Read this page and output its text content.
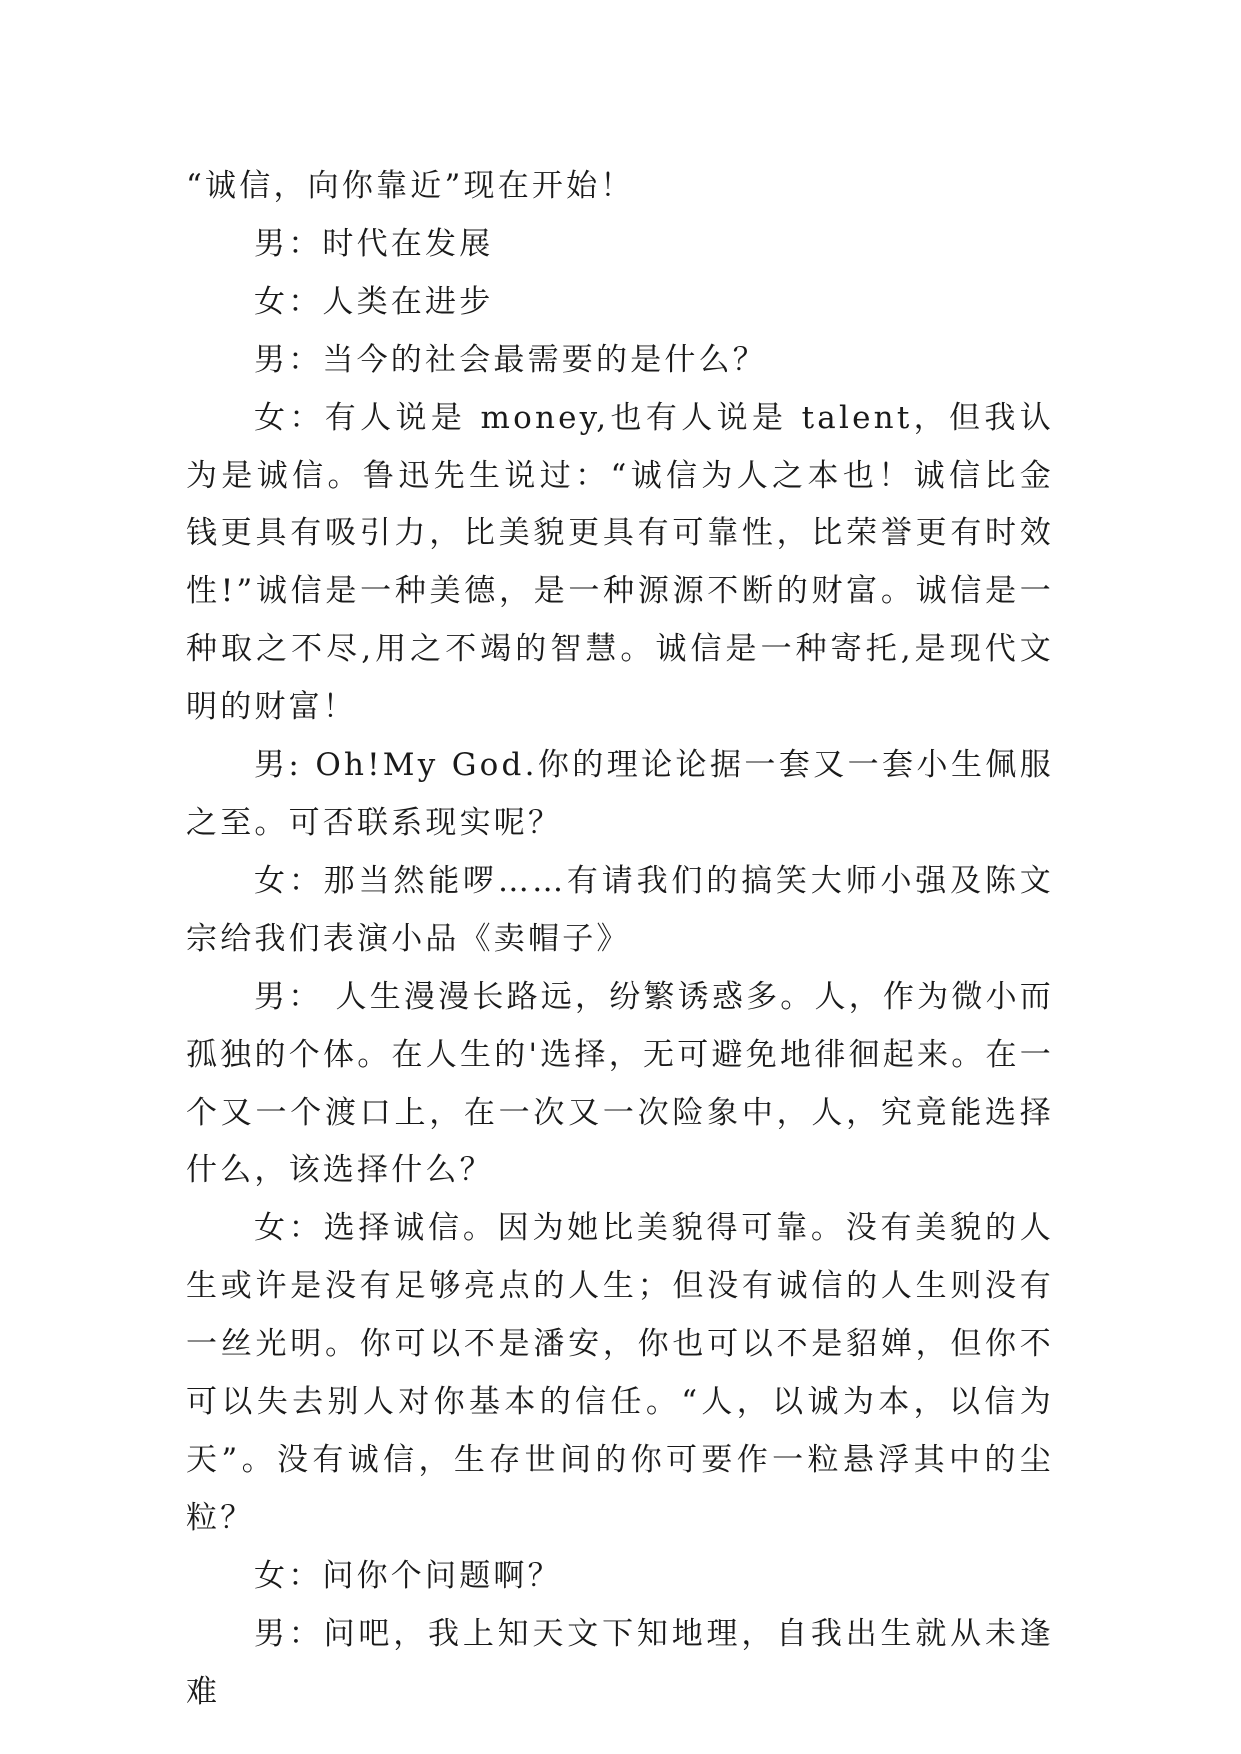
“诚信，向你靠近”现在开始！

男：时代在发展

女：人类在进步

男：当今的社会最需要的是什么？

女：有人说是 money,也有人说是 talent，但我认为是诚信。鲁迅先生说过：“诚信为人之本也！诚信比金钱更具有吸引力，比美貌更具有可靠性，比荣誉更有时效性!”诚信是一种美德，是一种源源不断的财富。诚信是一种取之不尽,用之不竭的智慧。诚信是一种寄托,是现代文明的财富！

男: Oh!My God.你的理论论据一套又一套小生佩服之至。可否联系现实呢？

女：那当然能啰……有请我们的搞笑大师小强及陈文宗给我们表演小品《卖帽子》

男： 人生漫漫长路远，纷繁诱惑多。人，作为微小而孤独的个体。在人生的'选择，无可避免地徘徊起来。在一个又一个渡口上，在一次又一次险象中，人，究竟能选择什么，该选择什么？

女：选择诚信。因为她比美貌得可靠。没有美貌的人生或许是没有足够亮点的人生；但没有诚信的人生则没有一丝光明。你可以不是潘安，你也可以不是貂婵，但你不可以失去别人对你基本的信任。“人，以诚为本，以信为天”。没有诚信，生存世间的你可要作一粒悬浮其中的尘粒？

女：问你个问题啊？

男：问吧，我上知天文下知地理，自我出生就从未逢难
